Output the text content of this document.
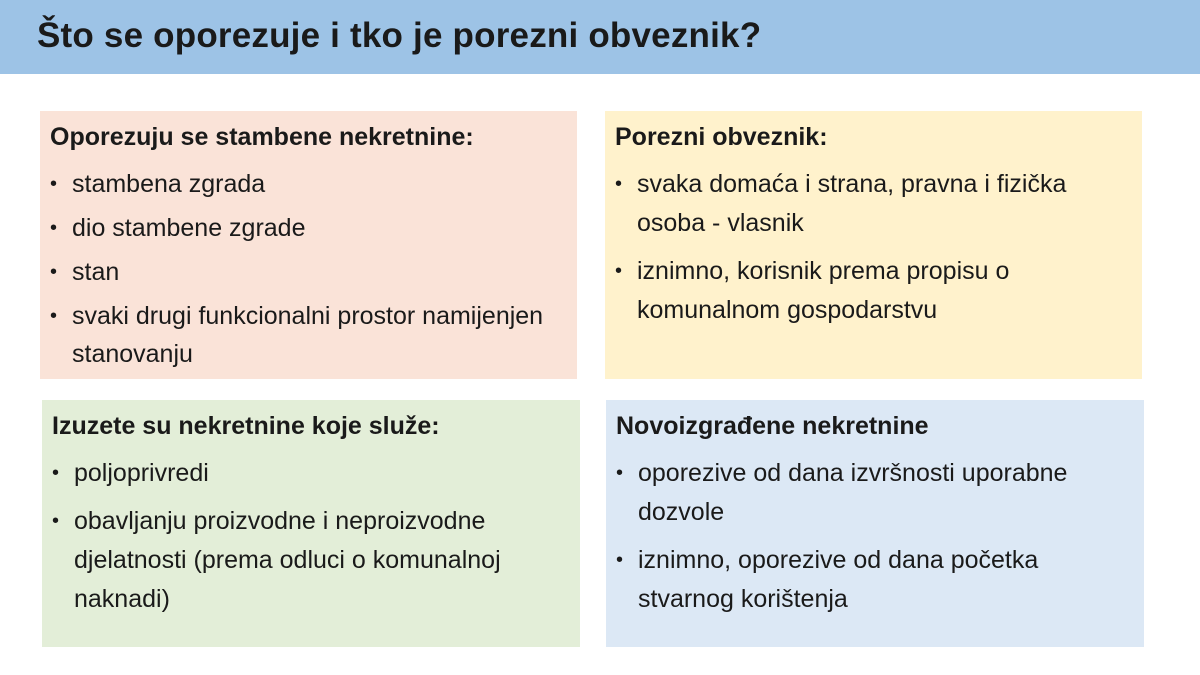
Što se oporezuje i tko je porezni obveznik?
Oporezuju se stambene nekretnine:
• stambena zgrada
• dio stambene zgrade
• stan
• svaki drugi funkcionalni prostor namijenjen stanovanju
Porezni obveznik:
• svaka domaća i strana, pravna i fizička osoba - vlasnik
• iznimno, korisnik prema propisu o komunalnom gospodarstvu
Izuzete su nekretnine koje služe:
• poljoprivredi
• obavljanju proizvodne i neproizvodne djelatnosti (prema odluci o komunalnoj naknadi)
Novoizgrađene nekretnine
• oporezive od dana izvršnosti uporabne dozvole
• iznimno, oporezive od dana početka stvarnog korištenja
